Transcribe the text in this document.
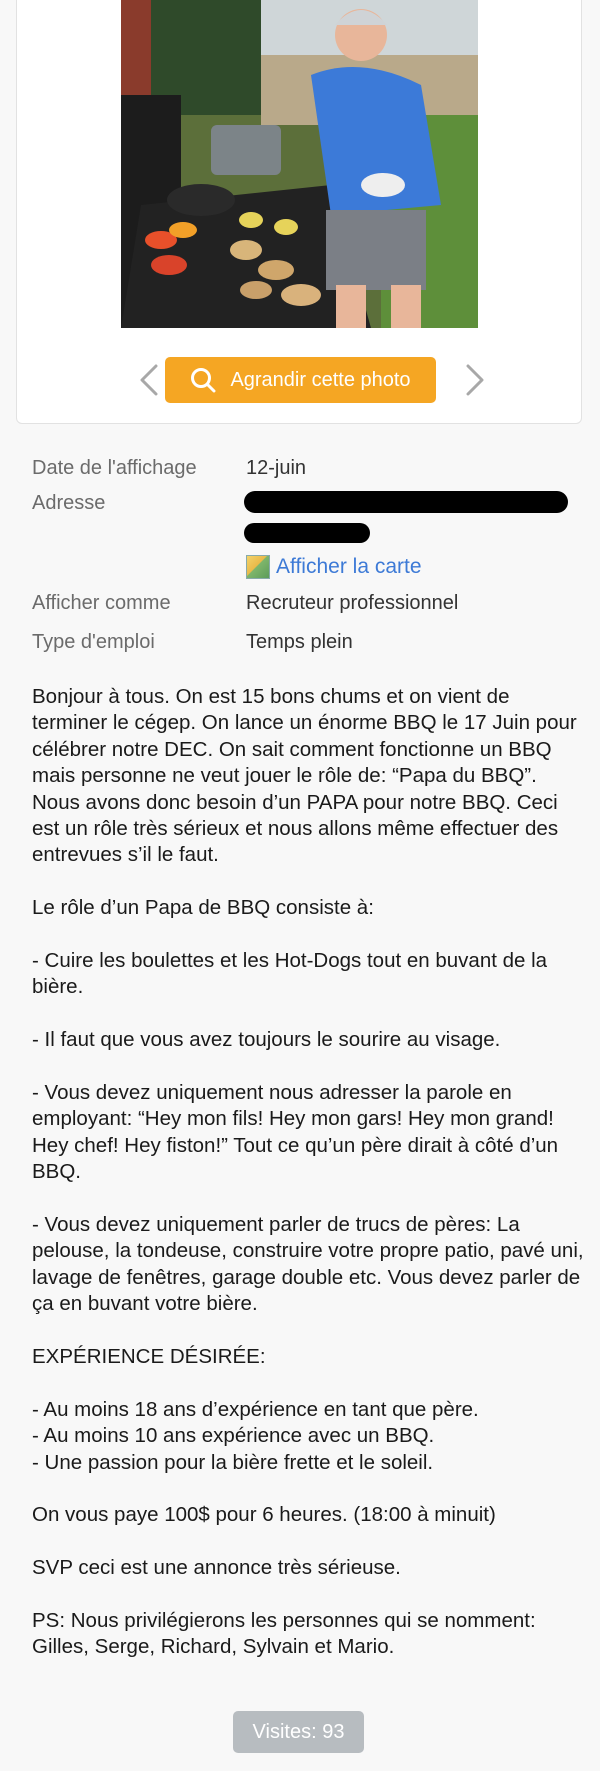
Agrandir cette photo
Date de l'affichage 12-juin
Adresse
Afficher la carte
Afficher comme	Recruteur professionnel
Type d'emploi	Temps plein

Bonjour à tous. On est 15 bons chums et on vient de terminer le cégep. On lance un énorme BBQ le 17 Juin pour célébrer notre DEC. On sait comment fonctionne un BBQ mais personne ne veut jouer le rôle de: “Papa du BBQ”. Nous avons donc besoin d’un PAPA pour notre BBQ. Ceci est un rôle très sérieux et nous allons même effectuer des entrevues s’il le faut.

Le rôle d’un Papa de BBQ consiste à:

- Cuire les boulettes et les Hot-Dogs tout en buvant de la bière.

- Il faut que vous avez toujours le sourire au visage.

- Vous devez uniquement nous adresser la parole en employant: “Hey mon fils! Hey mon gars! Hey mon grand! Hey chef! Hey fiston!” Tout ce qu’un père dirait à côté d’un BBQ.

- Vous devez uniquement parler de trucs de pères: La pelouse, la tondeuse, construire votre propre patio, pavé uni, lavage de fenêtres, garage double etc. Vous devez parler de ça en buvant votre bière.

EXPÉRIENCE DÉSIRÉE:

- Au moins 18 ans d’expérience en tant que père.
- Au moins 10 ans expérience avec un BBQ.
- Une passion pour la bière frette et le soleil.

On vous paye 100$ pour 6 heures. (18:00 à minuit)

SVP ceci est une annonce très sérieuse.

PS: Nous privilégierons les personnes qui se nomment: Gilles, Serge, Richard, Sylvain et Mario.

Visites: 93
